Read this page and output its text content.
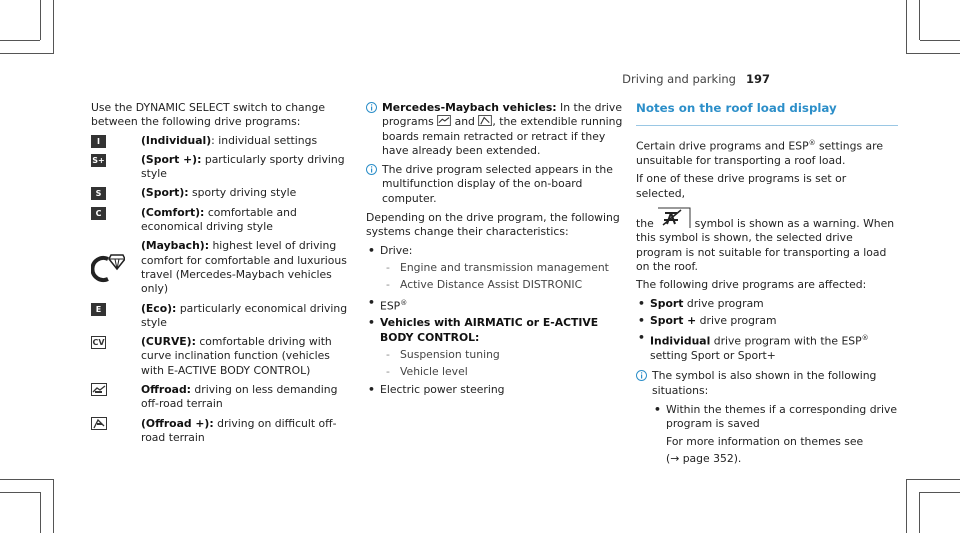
Driving and parking 197

Use the DYNAMIC SELECT switch to change between the following drive programs:

I	(Individual): individual settings
S+	(Sport +): particularly sporty driving style
S	(Sport): sporty driving style
C	(Comfort): comfortable and economical driving style
(Maybach): highest level of driving comfort for comfortable and luxurious travel (Mercedes-Maybach vehicles only)
E	(Eco): particularly economical driving style
CV	(CURVE): comfortable driving with curve inclination function (vehicles with E-ACTIVE BODY CONTROL)
Offroad: driving on less demanding off-road terrain
(Offroad +): driving on difficult off-road terrain
Mercedes-Maybach vehicles: In the drive programs  and , the extendible running boards remain retracted or retract if they have already been extended.
The drive program selected appears in the multifunction display of the on-board computer.

Depending on the drive program, the following systems change their characteristics:

• Drive:
- Engine and transmission management
- Active Distance Assist DISTRONIC
• ESP®
• Vehicles with AIRMATIC or E-ACTIVE BODY CONTROL:
- Suspension tuning
- Vehicle level
• Electric power steering
Notes on the roof load display

Certain drive programs and ESP® settings are unsuitable for transporting a roof load.

If one of these drive programs is set or selected,

the	symbol is shown as a warning. When this symbol is shown, the selected drive program is not suitable for transporting a load on the roof.

The following drive programs are affected:

• Sport drive program
• Sport + drive program
• Individual drive program with the ESP® setting Sport or Sport+
The symbol is also shown in the following situations:
• Within the themes if a corresponding drive program is saved
For more information on themes see
(→ page 352).
